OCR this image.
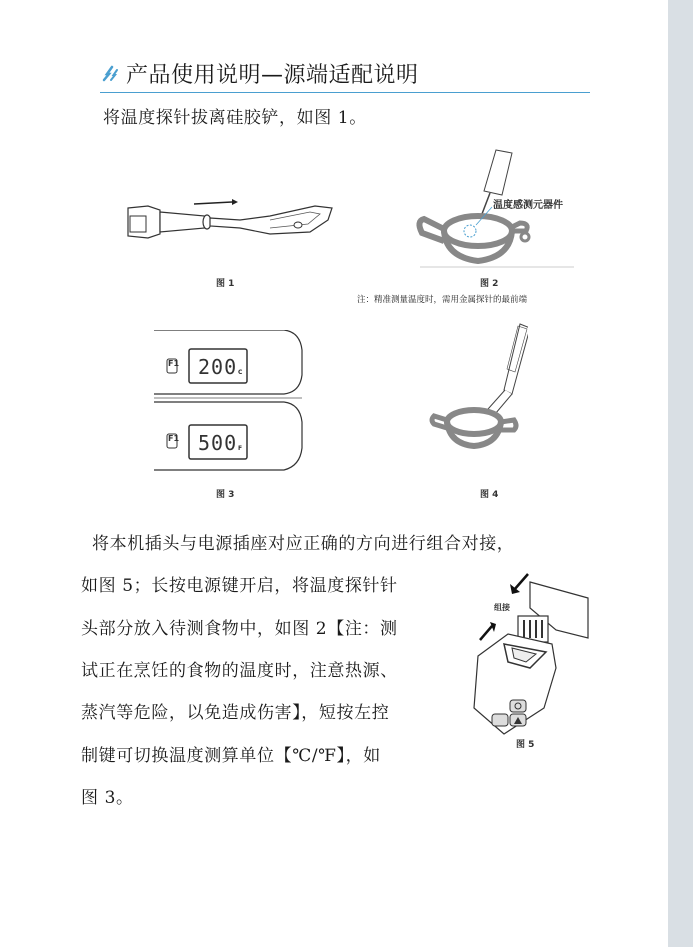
产品使用说明—源端适配说明
将温度探针拔离硅胶铲，如图 1。
图 1
温度感测元器件
图 2
注：精准测量温度时，需用金属探针的最前端
F1
F1
200 C
500 F
图 3	图 4
将本机插头与电源插座对应正确的方向进行组合对接，
如图 5；长按电源键开启，将温度探针针
头部分放入待测食物中，如图 2【注：测
试正在烹饪的食物的温度时，注意热源、
蒸汽等危险，以免造成伤害】，短按左控
制键可切换温度测算单位【℃/℉】，如
图 3。
组接
图 5
